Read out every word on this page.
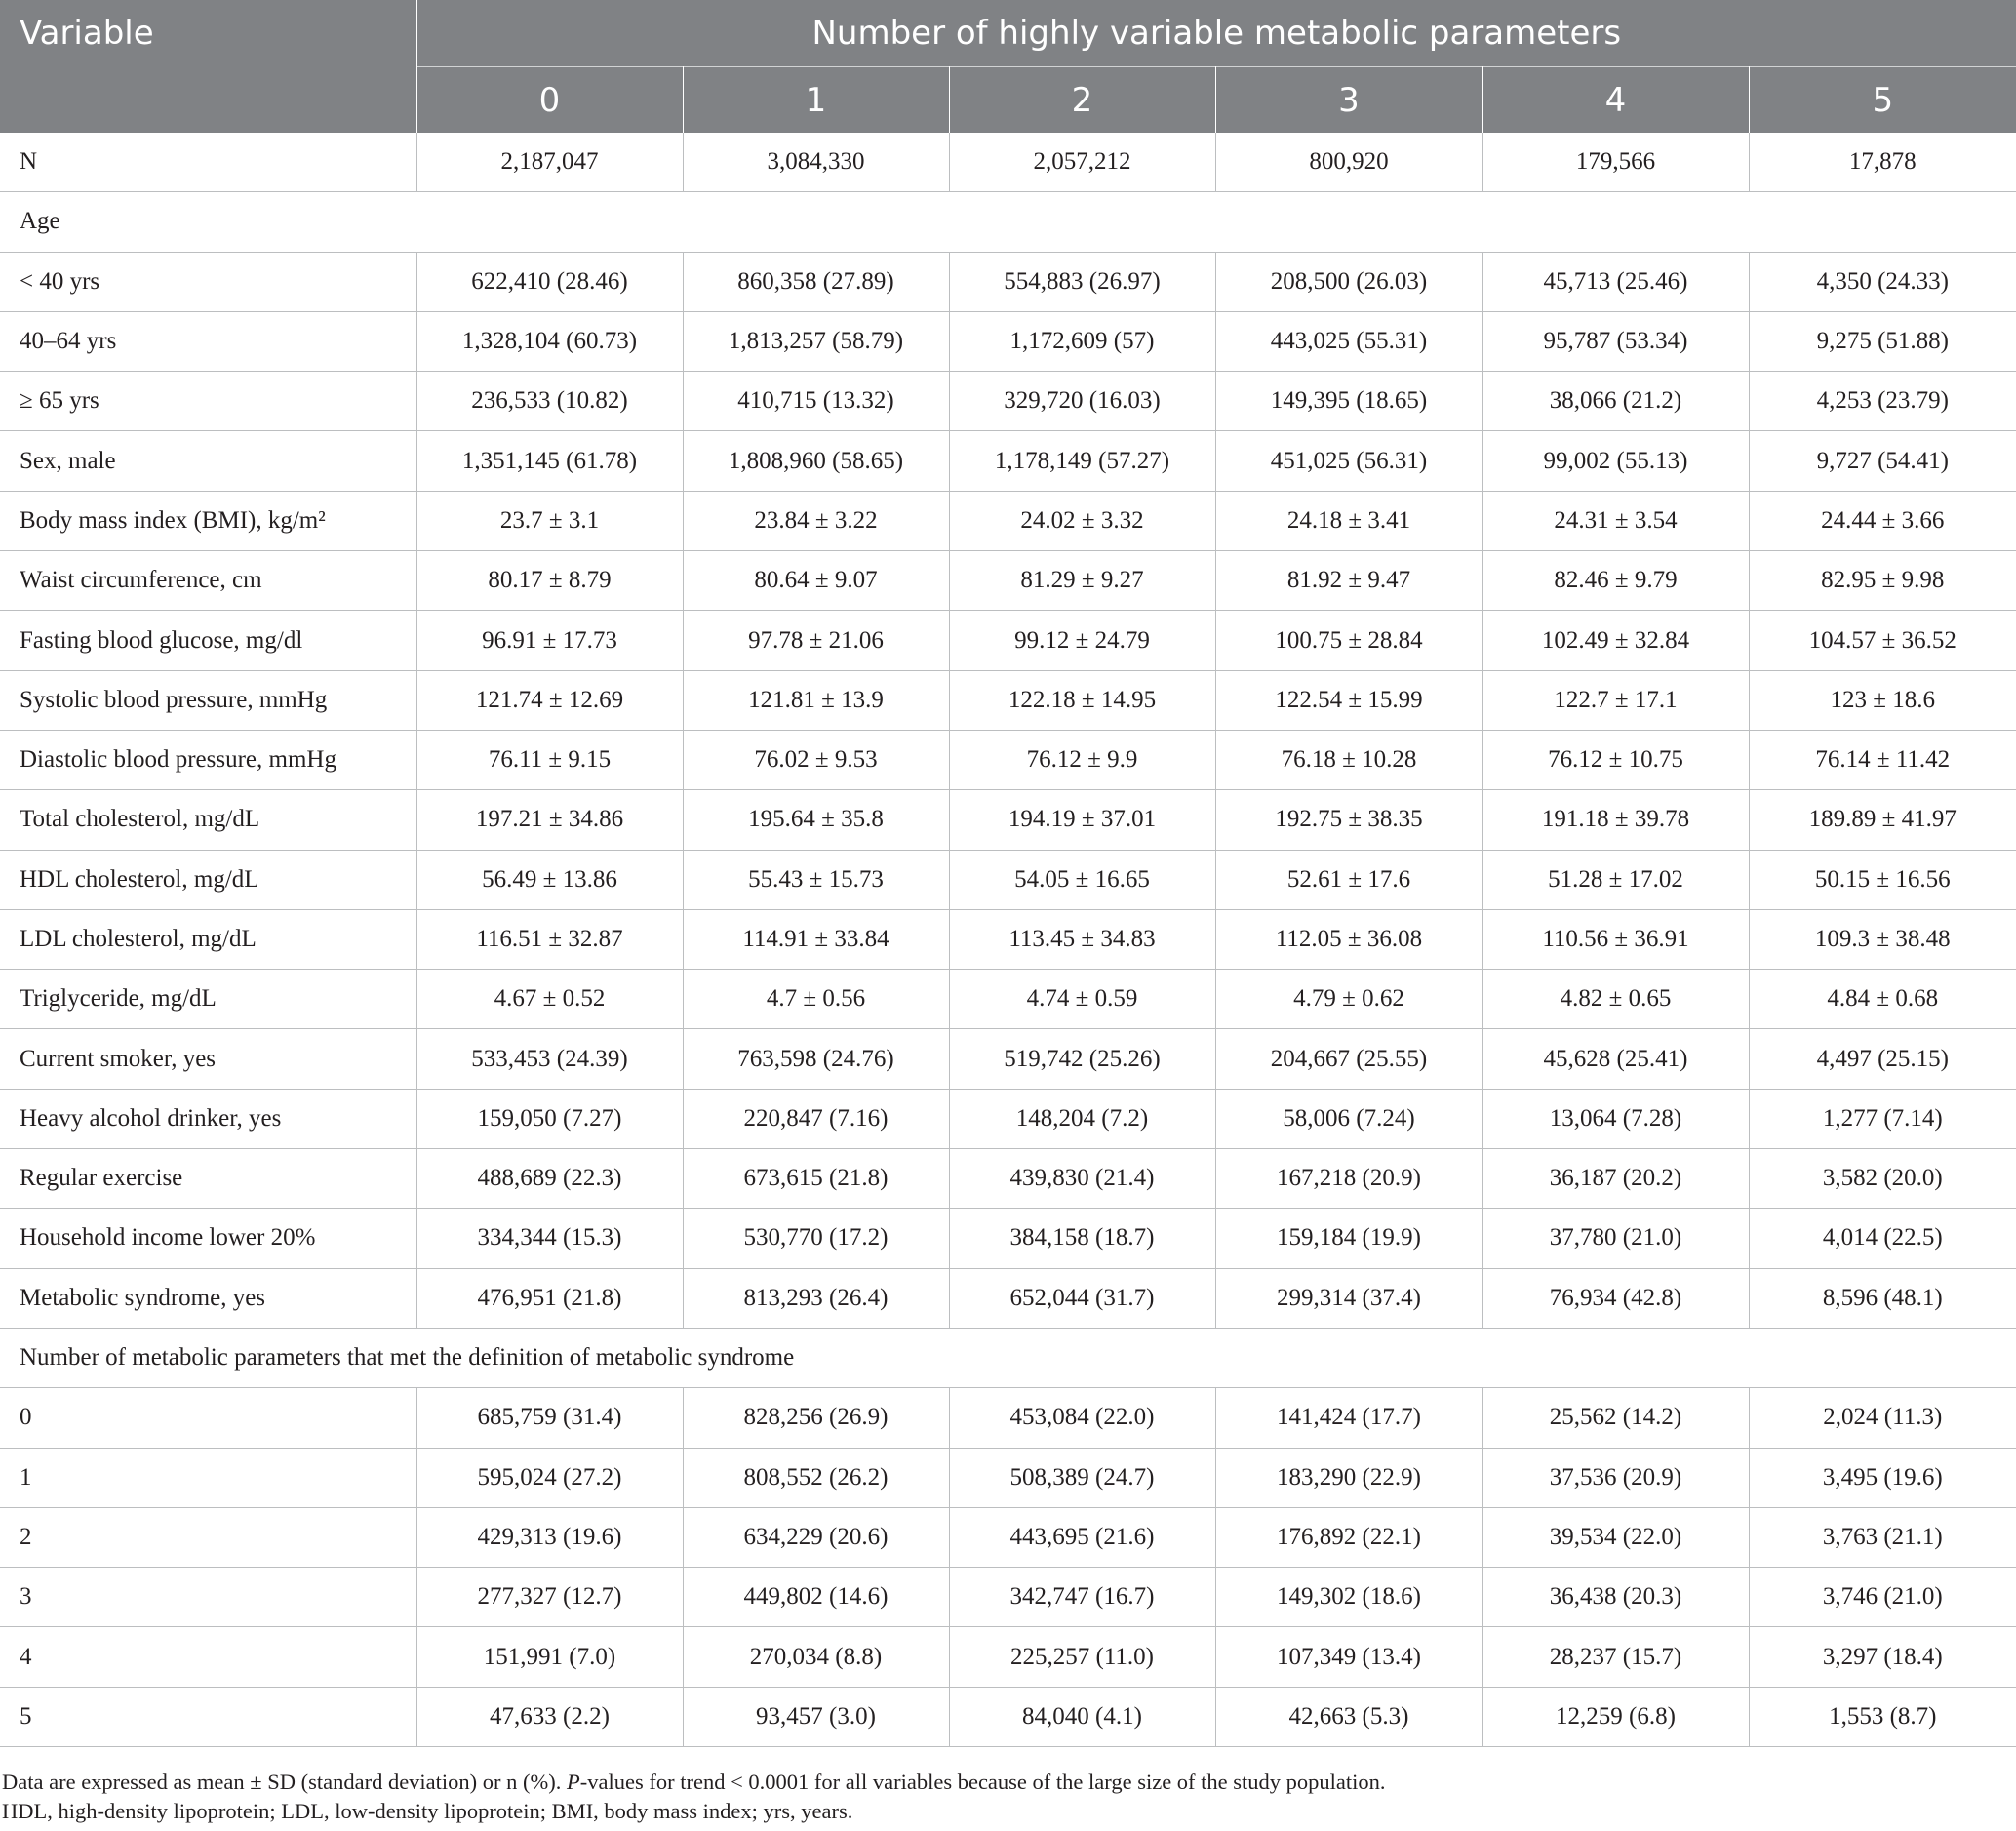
Variable	Number of highly variable metabolic parameters					
	0	1	2	3	4	5
N	2,187,047	3,084,330	2,057,212	800,920	179,566	17,878
Age						
< 40 yrs	622,410 (28.46)	860,358 (27.89)	554,883 (26.97)	208,500 (26.03)	45,713 (25.46)	4,350 (24.33)
40–64 yrs	1,328,104 (60.73)	1,813,257 (58.79)	1,172,609 (57)	443,025 (55.31)	95,787 (53.34)	9,275 (51.88)
≥ 65 yrs	236,533 (10.82)	410,715 (13.32)	329,720 (16.03)	149,395 (18.65)	38,066 (21.2)	4,253 (23.79)
Sex, male	1,351,145 (61.78)	1,808,960 (58.65)	1,178,149 (57.27)	451,025 (56.31)	99,002 (55.13)	9,727 (54.41)
Body mass index (BMI), kg/m²	23.7 ± 3.1	23.84 ± 3.22	24.02 ± 3.32	24.18 ± 3.41	24.31 ± 3.54	24.44 ± 3.66
Waist circumference, cm	80.17 ± 8.79	80.64 ± 9.07	81.29 ± 9.27	81.92 ± 9.47	82.46 ± 9.79	82.95 ± 9.98
Fasting blood glucose, mg/dl	96.91 ± 17.73	97.78 ± 21.06	99.12 ± 24.79	100.75 ± 28.84	102.49 ± 32.84	104.57 ± 36.52
Systolic blood pressure, mmHg	121.74 ± 12.69	121.81 ± 13.9	122.18 ± 14.95	122.54 ± 15.99	122.7 ± 17.1	123 ± 18.6
Diastolic blood pressure, mmHg	76.11 ± 9.15	76.02 ± 9.53	76.12 ± 9.9	76.18 ± 10.28	76.12 ± 10.75	76.14 ± 11.42
Total cholesterol, mg/dL	197.21 ± 34.86	195.64 ± 35.8	194.19 ± 37.01	192.75 ± 38.35	191.18 ± 39.78	189.89 ± 41.97
HDL cholesterol, mg/dL	56.49 ± 13.86	55.43 ± 15.73	54.05 ± 16.65	52.61 ± 17.6	51.28 ± 17.02	50.15 ± 16.56
LDL cholesterol, mg/dL	116.51 ± 32.87	114.91 ± 33.84	113.45 ± 34.83	112.05 ± 36.08	110.56 ± 36.91	109.3 ± 38.48
Triglyceride, mg/dL	4.67 ± 0.52	4.7 ± 0.56	4.74 ± 0.59	4.79 ± 0.62	4.82 ± 0.65	4.84 ± 0.68
Current smoker, yes	533,453 (24.39)	763,598 (24.76)	519,742 (25.26)	204,667 (25.55)	45,628 (25.41)	4,497 (25.15)
Heavy alcohol drinker, yes	159,050 (7.27)	220,847 (7.16)	148,204 (7.2)	58,006 (7.24)	13,064 (7.28)	1,277 (7.14)
Regular exercise	488,689 (22.3)	673,615 (21.8)	439,830 (21.4)	167,218 (20.9)	36,187 (20.2)	3,582 (20.0)
Household income lower 20%	334,344 (15.3)	530,770 (17.2)	384,158 (18.7)	159,184 (19.9)	37,780 (21.0)	4,014 (22.5)
Metabolic syndrome, yes	476,951 (21.8)	813,293 (26.4)	652,044 (31.7)	299,314 (37.4)	76,934 (42.8)	8,596 (48.1)
Number of metabolic parameters that met the definition of metabolic syndrome						
0	685,759 (31.4)	828,256 (26.9)	453,084 (22.0)	141,424 (17.7)	25,562 (14.2)	2,024 (11.3)
1	595,024 (27.2)	808,552 (26.2)	508,389 (24.7)	183,290 (22.9)	37,536 (20.9)	3,495 (19.6)
2	429,313 (19.6)	634,229 (20.6)	443,695 (21.6)	176,892 (22.1)	39,534 (22.0)	3,763 (21.1)
3	277,327 (12.7)	449,802 (14.6)	342,747 (16.7)	149,302 (18.6)	36,438 (20.3)	3,746 (21.0)
4	151,991 (7.0)	270,034 (8.8)	225,257 (11.0)	107,349 (13.4)	28,237 (15.7)	3,297 (18.4)
5	47,633 (2.2)	93,457 (3.0)	84,040 (4.1)	42,663 (5.3)	12,259 (6.8)	1,553 (8.7)
Data are expressed as mean ± SD (standard deviation) or n (%). P-values for trend < 0.0001 for all variables because of the large size of the study population.
HDL, high-density lipoprotein; LDL, low-density lipoprotein; BMI, body mass index; yrs, years.
